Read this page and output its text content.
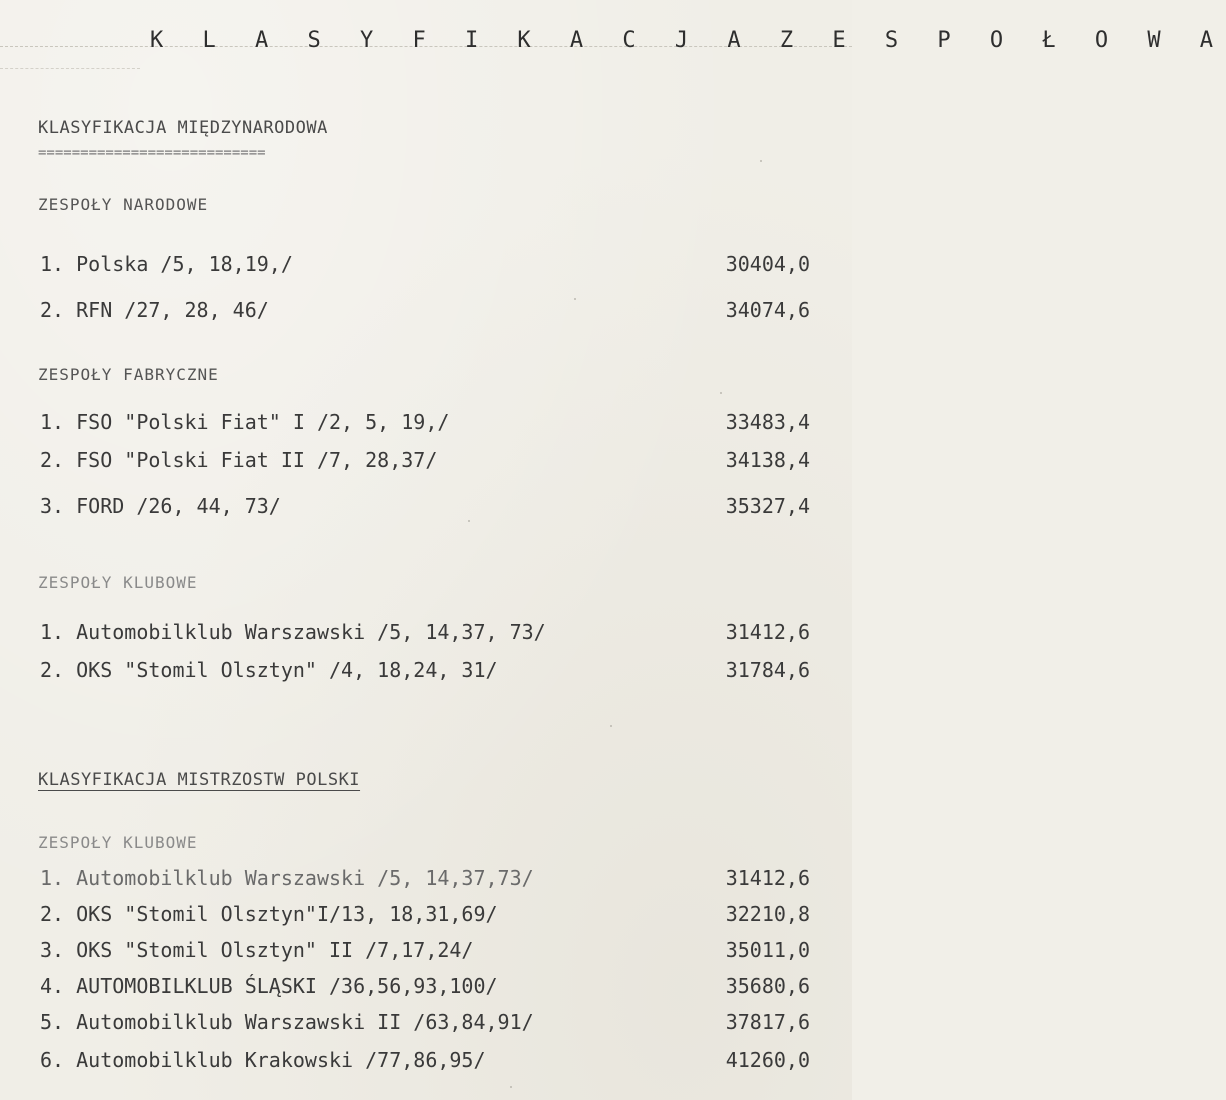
K L A S Y F I K A C J A Z E S P O Ł O W A
KLASYFIKACJA MIĘDZYNARODOWA
===========================
ZESPOŁY NARODOWE
1. Polska /5, 18,19,/	30404,0
2. RFN /27, 28, 46/	34074,6
ZESPOŁY FABRYCZNE
1. FSO "Polski Fiat" I /2, 5, 19,/	33483,4
2. FSO "Polski Fiat II /7, 28,37/	34138,4
3. FORD /26, 44, 73/	35327,4
ZESPOŁY KLUBOWE
1. Automobilklub Warszawski /5, 14,37, 73/	31412,6
2. OKS "Stomil Olsztyn" /4, 18,24, 31/	31784,6
KLASYFIKACJA MISTRZOSTW POLSKI
ZESPOŁY KLUBOWE
1. Automobilklub Warszawski /5, 14,37,73/	31412,6
2. OKS "Stomil Olsztyn"I/13, 18,31,69/	32210,8
3. OKS "Stomil Olsztyn" II /7,17,24/	35011,0
4. AUTOMOBILKLUB ŚLĄSKI /36,56,93,100/	35680,6
5. Automobilklub Warszawski II /63,84,91/	37817,6
6. Automobilklub Krakowski /77,86,95/	41260,0
